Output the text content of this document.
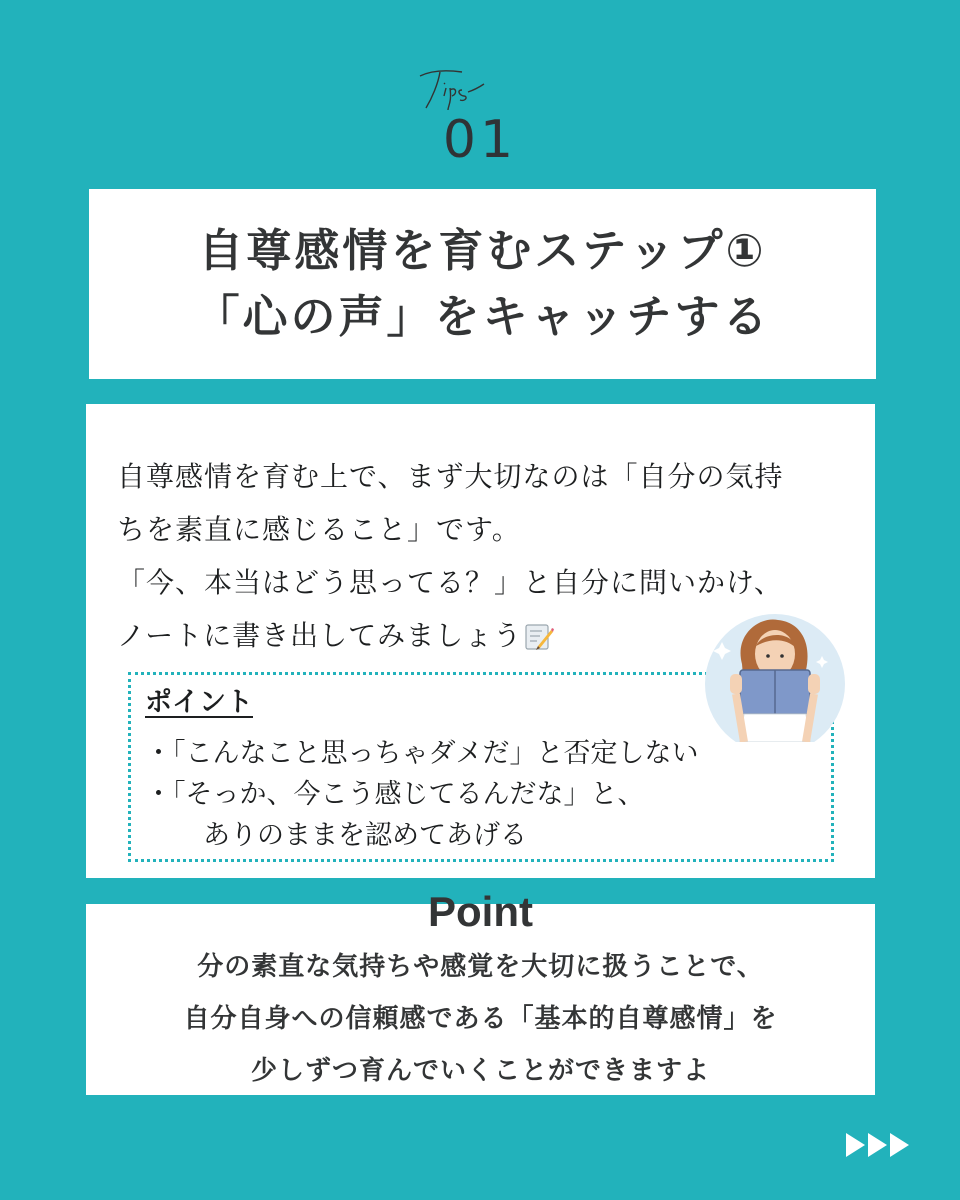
01
自尊感情を育むステップ①
「心の声」をキャッチする
自尊感情を育む上で、まず大切なのは「自分の気持
ちを素直に感じること」です。
「今、本当はどう思ってる？」と自分に問いかけ、
ノートに書き出してみましょう
ポイント
・「こんなこと思っちゃダメだ」と否定しない
・「そっか、今こう感じてるんだな」と、
ありのままを認めてあげる
Point
分の素直な気持ちや感覚を大切に扱うことで、
自分自身への信頼感である「基本的自尊感情」を
少しずつ育んでいくことができますよ
